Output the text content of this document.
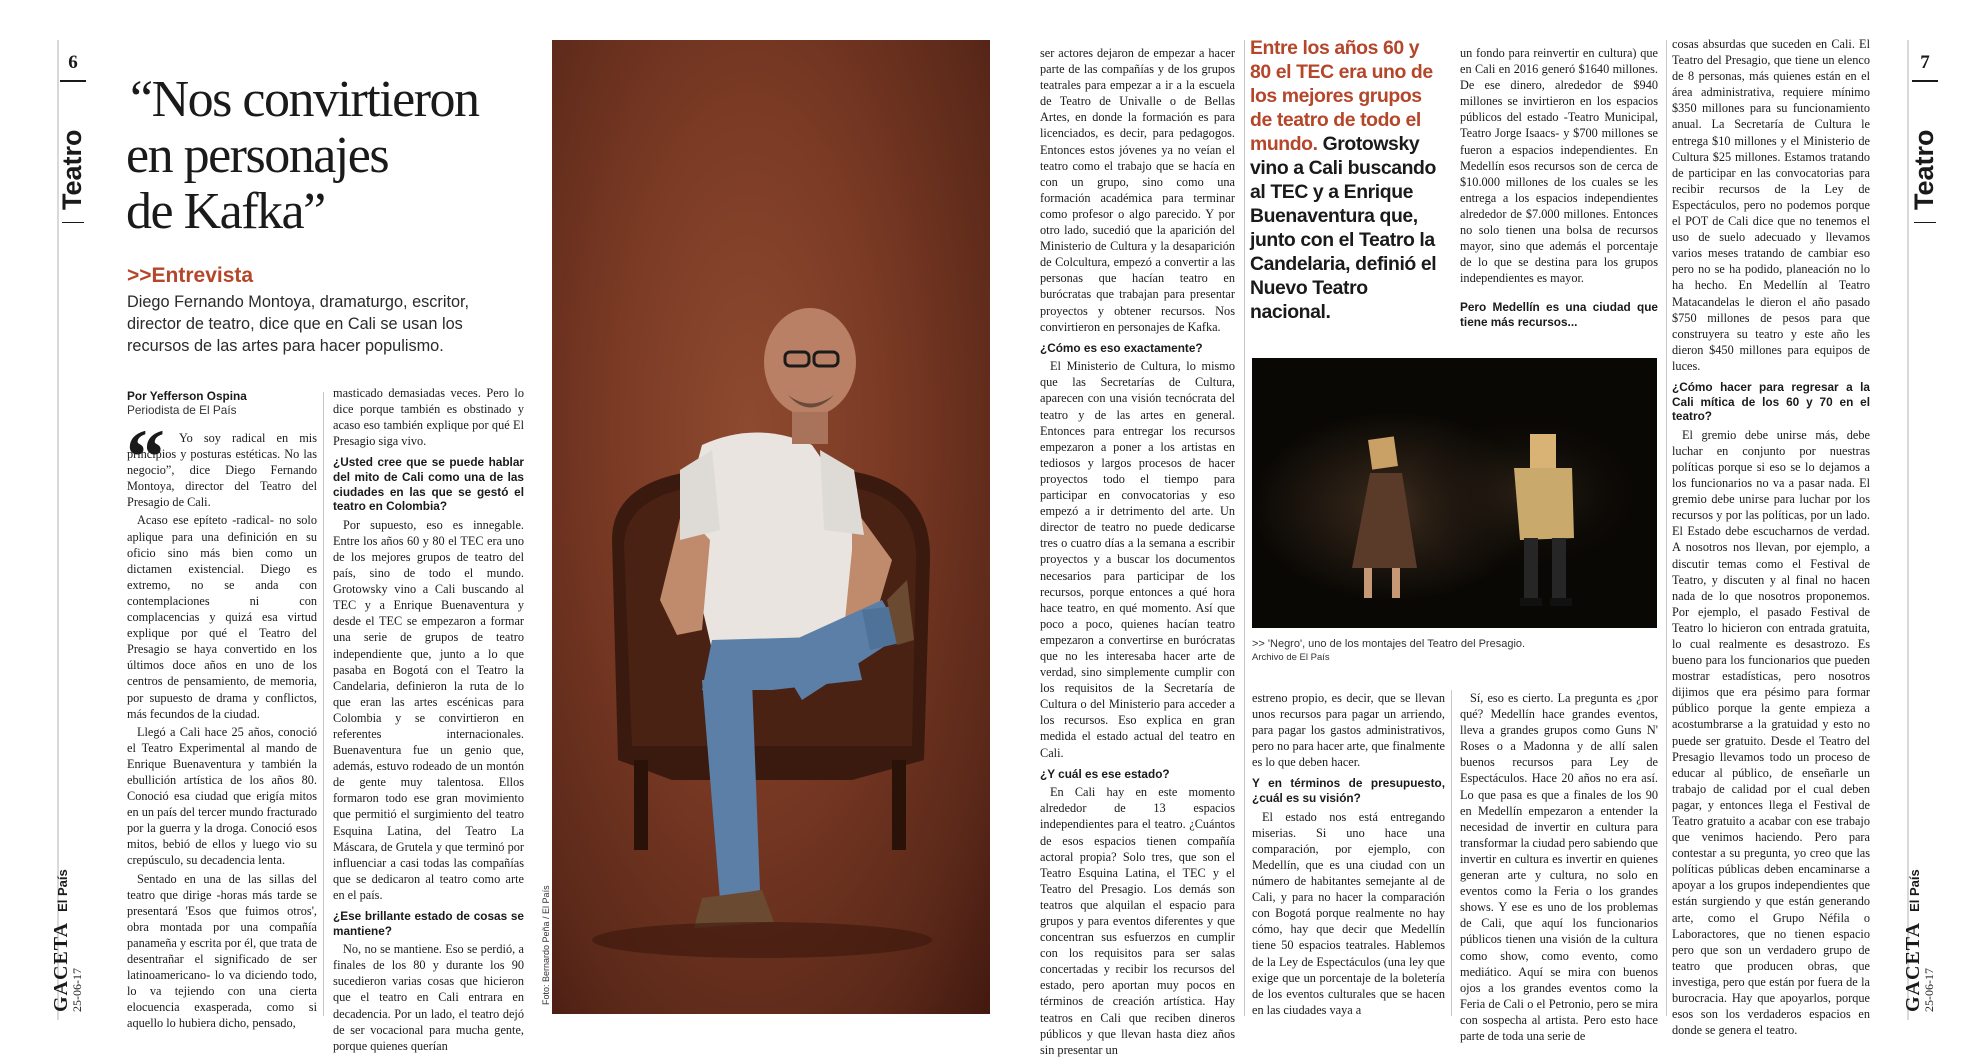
6
Teatro
GACETA El País
25-06-17
“Nos convirtieron
en personajes
de Kafka”
>>Entrevista
Diego Fernando Montoya, dramaturgo, escritor, director de teatro, dice que en Cali se usan los recursos de las artes para hacer populismo.
Por Yefferson Ospina
Periodista de El País
“	Yo soy radical en mis principios y posturas estéticas. No las negocio”, dice Diego Fernando Montoya, director del Teatro del Presagio de Cali.

Acaso ese epíteto -radical- no solo aplique para una definición en su oficio sino más bien como un dictamen existencial. Diego es extremo, no se anda con contemplaciones ni con complacencias y quizá esa virtud explique por qué el Teatro del Presagio se haya convertido en los últimos doce años en uno de los centros de pensamiento, de memoria, por supuesto de drama y conflictos, más fecundos de la ciudad.

Llegó a Cali hace 25 años, conoció el Teatro Experimental al mando de Enrique Buenaventura y también la ebullición artística de los años 80. Conoció esa ciudad que erigía mitos en un país del tercer mundo fracturado por la guerra y la droga. Conoció esos mitos, bebió de ellos y luego vio su crepúsculo, su decadencia lenta.

Sentado en una de las sillas del teatro que dirige -horas más tarde se presentará 'Esos que fuimos otros', obra montada por una compañía panameña y escrita por él, que trata de desentrañar el significado de ser latinoamericano- lo va diciendo todo, lo va tejiendo con una cierta elocuencia exasperada, como si aquello lo hubiera dicho, pensado,

masticado demasiadas veces. Pero lo dice porque también es obstinado y acaso eso también explique por qué El Presagio siga vivo.

¿Usted cree que se puede hablar del mito de Cali como una de las ciudades en las que se gestó el teatro en Colombia?

Por supuesto, eso es innegable. Entre los años 60 y 80 el TEC era uno de los mejores grupos de teatro del país, sino de todo el mundo. Grotowsky vino a Cali buscando al TEC y a Enrique Buenaventura y desde el TEC se empezaron a formar una serie de grupos de teatro independiente que, junto a lo que pasaba en Bogotá con el Teatro la Candelaria, definieron la ruta de lo que eran las artes escénicas para Colombia y se convirtieron en referentes internacionales. Buenaventura fue un genio que, además, estuvo rodeado de un montón de gente muy talentosa. Ellos formaron todo ese gran movimiento que permitió el surgimiento del teatro Esquina Latina, del Teatro La Máscara, de Grutela y que terminó por influenciar a casi todas las compañías que se dedicaron al teatro como arte en el país.

¿Ese brillante estado de cosas se mantiene?

No, no se mantiene. Eso se perdió, a finales de los 80 y durante los 90 sucedieron varias cosas que hicieron que el teatro en Cali entrara en decadencia. Por un lado, el teatro dejó de ser vocacional para mucha gente, porque quienes querían

Foto: Bernardo Peña / El País

ser actores dejaron de empezar a hacer parte de las compañías y de los grupos teatrales para empezar a ir a la escuela de Teatro de Univalle o de Bellas Artes, en donde la formación es para licenciados, es decir, para pedagogos. Entonces estos jóvenes ya no veían el teatro como el trabajo que se hacía en con un grupo, sino como una formación académica para terminar como profesor o algo parecido. Y por otro lado, sucedió que la aparición del Ministerio de Cultura y la desaparición de Colcultura, empezó a convertir a las personas que hacían teatro en burócratas que trabajan para presentar proyectos y obtener recursos. Nos convirtieron en personajes de Kafka.

¿Cómo es eso exactamente?

El Ministerio de Cultura, lo mismo que las Secretarías de Cultura, aparecen con una visión tecnócrata del teatro y de las artes en general. Entonces para entregar los recursos empezaron a poner a los artistas en tediosos y largos procesos de hacer proyectos todo el tiempo para participar en convocatorias y eso empezó a ir detrimento del arte. Un director de teatro no puede dedicarse tres o cuatro días a la semana a escribir proyectos y a buscar los documentos necesarios para participar de los recursos, porque entonces a qué hora hace teatro, en qué momento. Así que poco a poco, quienes hacían teatro empezaron a convertirse en burócratas que no les interesaba hacer arte de verdad, sino simplemente cumplir con los requisitos de la Secretaría de Cultura o del Ministerio para acceder a los recursos. Eso explica en gran medida el estado actual del teatro en Cali.

¿Y cuál es ese estado?

En Cali hay en este momento alrededor de 13 espacios independientes para el teatro. ¿Cuántos de esos espacios tienen compañía actoral propia? Solo tres, que son el Teatro Esquina Latina, el TEC y el Teatro del Presagio. Los demás son teatros que alquilan el espacio para grupos y para eventos diferentes y que concentran sus esfuerzos en cumplir con los requisitos para ser salas concertadas y recibir los recursos del estado, pero aportan muy pocos en términos de creación artística. Hay teatros en Cali que reciben dineros públicos y que llevan hasta diez años sin presentar un

Entre los años 60 y 80 el TEC era uno de los mejores grupos de teatro de todo el mundo. Grotowsky vino a Cali buscando al TEC y a Enrique Buenaventura que, junto con el Teatro la Candelaria, definió el Nuevo Teatro nacional.
>> 'Negro', uno de los montajes del Teatro del Presagio.
Archivo de El País

un fondo para reinvertir en cultura) que en Cali en 2016 generó $1640 millones. De ese dinero, alrededor de $940 millones se invirtieron en los espacios públicos del estado -Teatro Municipal, Teatro Jorge Isaacs- y $700 millones se fueron a espacios independientes. En Medellín esos recursos son de cerca de $10.000 millones de los cuales se les entrega a los espacios independientes alrededor de $7.000 millones. Entonces no solo tienen una bolsa de recursos mayor, sino que además el porcentaje de lo que se destina para los grupos independientes es mayor.

Pero Medellín es una ciudad que tiene más recursos...

estreno propio, es decir, que se llevan unos recursos para pagar un arriendo, para pagar los gastos administrativos, pero no para hacer arte, que finalmente es lo que deben hacer.

Y en términos de presupuesto, ¿cuál es su visión?

El estado nos está entregando miserias. Si uno hace una comparación, por ejemplo, con Medellín, que es una ciudad con un número de habitantes semejante al de Cali, y para no hacer la comparación con Bogotá porque realmente no hay cómo, hay que decir que Medellín tiene 50 espacios teatrales. Hablemos de la Ley de Espectáculos (una ley que exige que un porcentaje de la boletería de los eventos culturales que se hacen en las ciudades vaya a

Sí, eso es cierto. La pregunta es ¿por qué? Medellín hace grandes eventos, lleva a grandes grupos como Guns N' Roses o a Madonna y de allí salen buenos recursos para Ley de Espectáculos. Hace 20 años no era así. Lo que pasa es que a finales de los 90 en Medellín empezaron a entender la necesidad de invertir en cultura para transformar la ciudad pero sabiendo que invertir en cultura es invertir en quienes generan arte y cultura, no solo en eventos como la Feria o los grandes shows. Y ese es uno de los problemas de Cali, que aquí los funcionarios públicos tienen una visión de la cultura como show, como evento, como mediático. Aquí se mira con buenos ojos a los grandes eventos como la Feria de Cali o el Petronio, pero se mira con sospecha al artista. Pero esto hace parte de toda una serie de

cosas absurdas que suceden en Cali. El Teatro del Presagio, que tiene un elenco de 8 personas, más quienes están en el área administrativa, requiere mínimo $350 millones para su funcionamiento anual. La Secretaría de Cultura le entrega $10 millones y el Ministerio de Cultura $25 millones. Estamos tratando de participar en las convocatorias para recibir recursos de la Ley de Espectáculos, pero no podemos porque el POT de Cali dice que no tenemos el uso de suelo adecuado y llevamos varios meses tratando de cambiar eso pero no se ha podido, planeación no lo ha hecho. En Medellín al Teatro Matacandelas le dieron el año pasado $750 millones de pesos para que construyera su teatro y este año les dieron $450 millones para equipos de luces.

¿Cómo hacer para regresar a la Cali mítica de los 60 y 70 en el teatro?

El gremio debe unirse más, debe luchar en conjunto por nuestras políticas porque si eso se lo dejamos a los funcionarios no va a pasar nada. El gremio debe unirse para luchar por los recursos y por las políticas, por un lado. El Estado debe escucharnos de verdad. A nosotros nos llevan, por ejemplo, a discutir temas como el Festival de Teatro, y discuten y al final no hacen nada de lo que nosotros proponemos. Por ejemplo, el pasado Festival de Teatro lo hicieron con entrada gratuita, lo cual realmente es desastrozo. Es bueno para los funcionarios que pueden mostrar estadísticas, pero nosotros dijimos que era pésimo para formar público porque la gente empieza a acostumbrarse a la gratuidad y esto no puede ser gratuito. Desde el Teatro del Presagio llevamos todo un proceso de educar al público, de enseñarle un trabajo de calidad por el cual deben pagar, y entonces llega el Festival de Teatro gratuito a acabar con ese trabajo que venimos haciendo. Pero para contestar a su pregunta, yo creo que las políticas públicas deben encaminarse a apoyar a los grupos independientes que están surgiendo y que están generando arte, como el Grupo Néfila o Laboractores, que no tienen espacio pero que son un verdadero grupo de teatro que producen obras, que investiga, pero que están por fuera de la burocracia. Hay que apoyarlos, porque esos son los verdaderos espacios en donde se genera el teatro.

7
Teatro
GACETA El País
25-06-17
